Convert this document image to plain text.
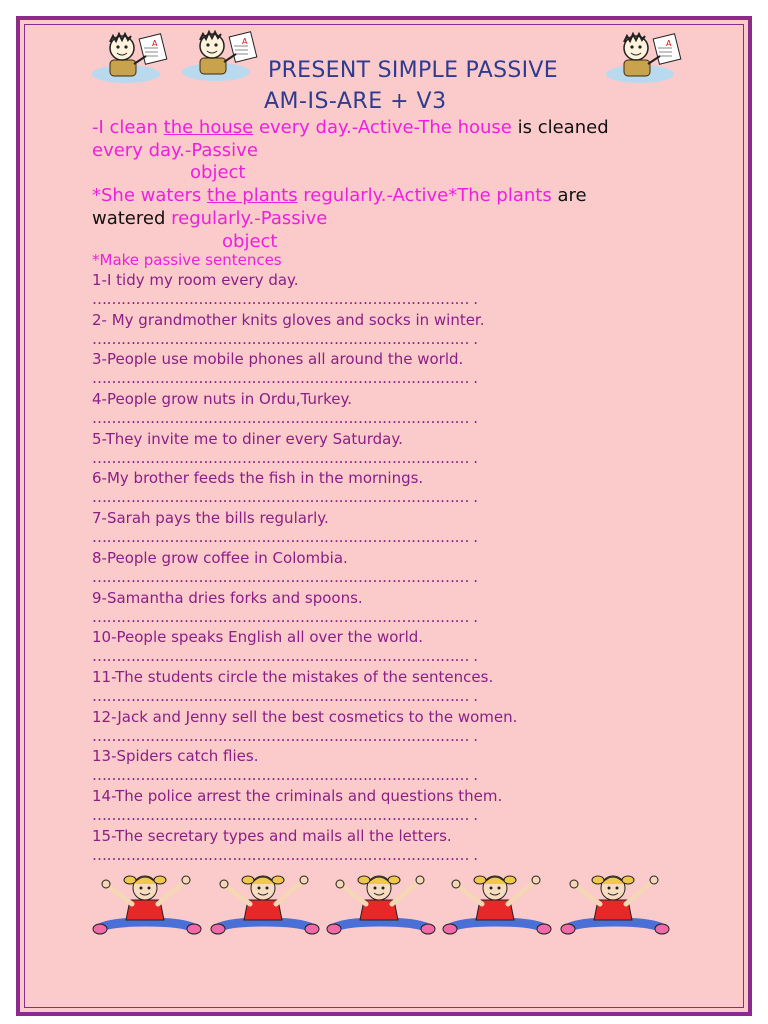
A	A	A
PRESENT SIMPLE PASSIVE
AM-IS-ARE + V3
-I clean the house every day.-Active-The house is cleaned
every day.-Passive
object
*She waters the plants regularly.-Active*The plants are
watered regularly.-Passive
object
*Make passive sentences
1-I tidy my room every day.
…………………………………………………………………… .
2- My grandmother knits gloves and socks in winter.
…………………………………………………………………… .
3-People use mobile phones all around the world.
…………………………………………………………………… .
4-People grow nuts in Ordu,Turkey.
…………………………………………………………………… .
5-They invite me to diner every Saturday.
…………………………………………………………………… .
6-My brother feeds the fish in the mornings.
…………………………………………………………………… .
7-Sarah pays the bills regularly.
…………………………………………………………………… .
8-People grow coffee in Colombia.
…………………………………………………………………… .
9-Samantha dries forks and spoons.
…………………………………………………………………… .
10-People speaks English all over the world.
…………………………………………………………………… .
11-The students circle the mistakes of the sentences.
…………………………………………………………………… .
12-Jack and Jenny sell the best cosmetics to the women.
…………………………………………………………………… .
13-Spiders catch flies.
…………………………………………………………………… .
14-The police arrest the criminals and questions them.
…………………………………………………………………… .
15-The secretary types and mails all the letters.
…………………………………………………………………… .
